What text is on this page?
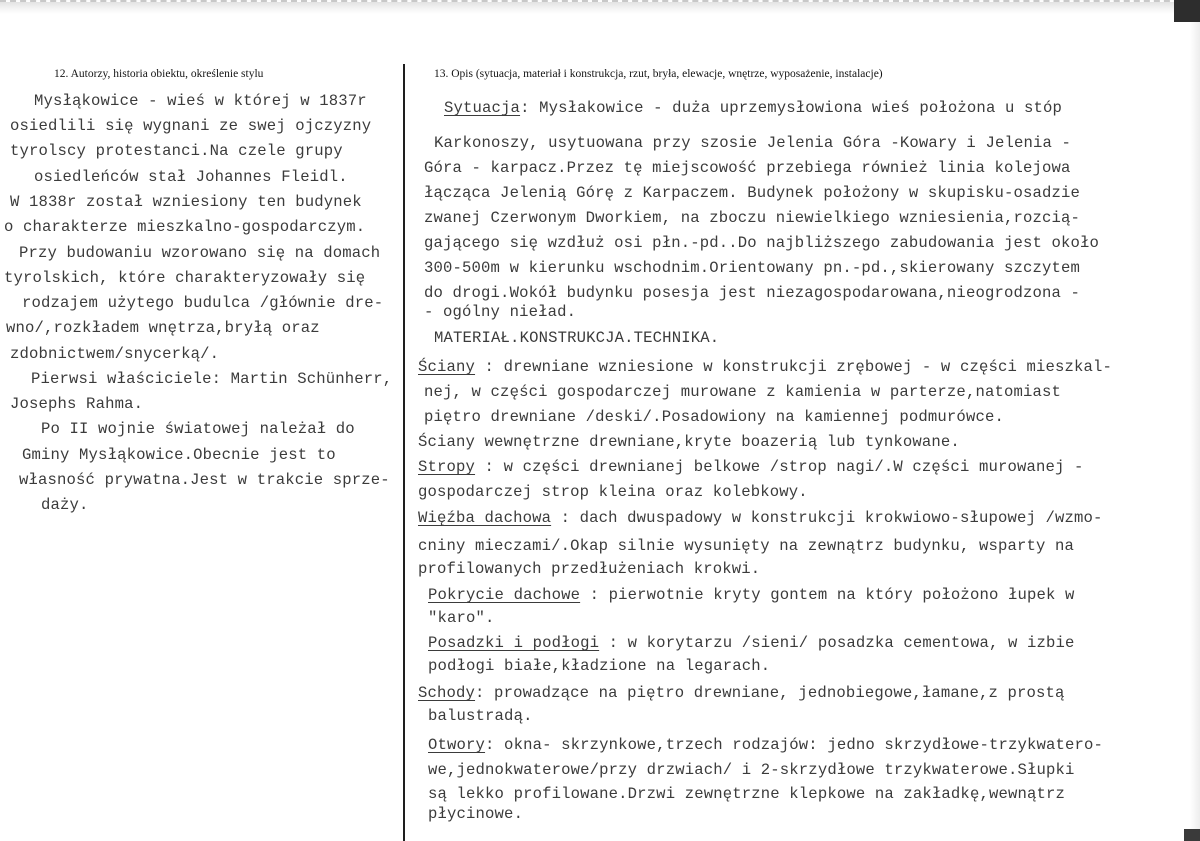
12. Autorzy, historia obiektu, określenie stylu	13. Opis (sytuacja, materiał i konstrukcja, rzut, bryła, elewacje, wnętrze, wyposażenie, instalacje)

Mysłąkowice - wieś w której w 1837r

osiedlili się wygnani ze swej ojczyzny

tyrolscy protestanci.Na czele grupy

osiedleńców stał Johannes Fleidl.

W 1838r został wzniesiony ten budynek

o charakterze mieszkalno-gospodarczym.

Przy budowaniu wzorowano się na domach

tyrolskich, które charakteryzowały się

rodzajem użytego budulca /głównie dre-

wno/,rozkładem wnętrza,bryłą oraz

zdobnictwem/snycerką/.

Pierwsi właściciele: Martin Schünherr,

Josephs Rahma.

Po II wojnie światowej należał do

Gminy Mysłąkowice.Obecnie jest to

własność prywatna.Jest w trakcie sprze-

daży.

Sytuacja: Mysłakowice - duża uprzemysłowiona wieś położona u stóp

Karkonoszy, usytuowana przy szosie Jelenia Góra -Kowary i Jelenia -

Góra - karpacz.Przez tę miejscowość przebiega również linia kolejowa

łącząca Jelenią Górę z Karpaczem. Budynek położony w skupisku-osadzie

zwanej Czerwonym Dworkiem, na zboczu niewielkiego wzniesienia,rozcią-

gającego się wzdłuż osi płn.-pd..Do najbliższego zabudowania jest około

300-500m w kierunku wschodnim.Orientowany pn.-pd.,skierowany szczytem

do drogi.Wokół budynku posesja jest niezagospodarowana,nieogrodzona -

- ogólny nieład.

MATERIAŁ.KONSTRUKCJA.TECHNIKA.

Ściany : drewniane wzniesione w konstrukcji zrębowej - w części mieszkal-

nej, w części gospodarczej murowane z kamienia w parterze,natomiast

piętro drewniane /deski/.Posadowiony na kamiennej podmurówce.

Ściany wewnętrzne drewniane,kryte boazerią lub tynkowane.

Stropy : w części drewnianej belkowe /strop nagi/.W części murowanej -

gospodarczej strop kleina oraz kolebkowy.

Więźba dachowa : dach dwuspadowy w konstrukcji krokwiowo-słupowej /wzmo-

cniny mieczami/.Okap silnie wysunięty na zewnątrz budynku, wsparty na

profilowanych przedłużeniach krokwi.

Pokrycie dachowe : pierwotnie kryty gontem na który położono łupek w

"karo".

Posadzki i podłogi : w korytarzu /sieni/ posadzka cementowa, w izbie

podłogi białe,kładzione na legarach.

Schody: prowadzące na piętro drewniane, jednobiegowe,łamane,z prostą

balustradą.

Otwory: okna- skrzynkowe,trzech rodzajów: jedno skrzydłowe-trzykwatero-

we,jednokwaterowe/przy drzwiach/ i 2-skrzydłowe trzykwaterowe.Słupki

są lekko profilowane.Drzwi zewnętrzne klepkowe na zakładkę,wewnątrz

płycinowe.
